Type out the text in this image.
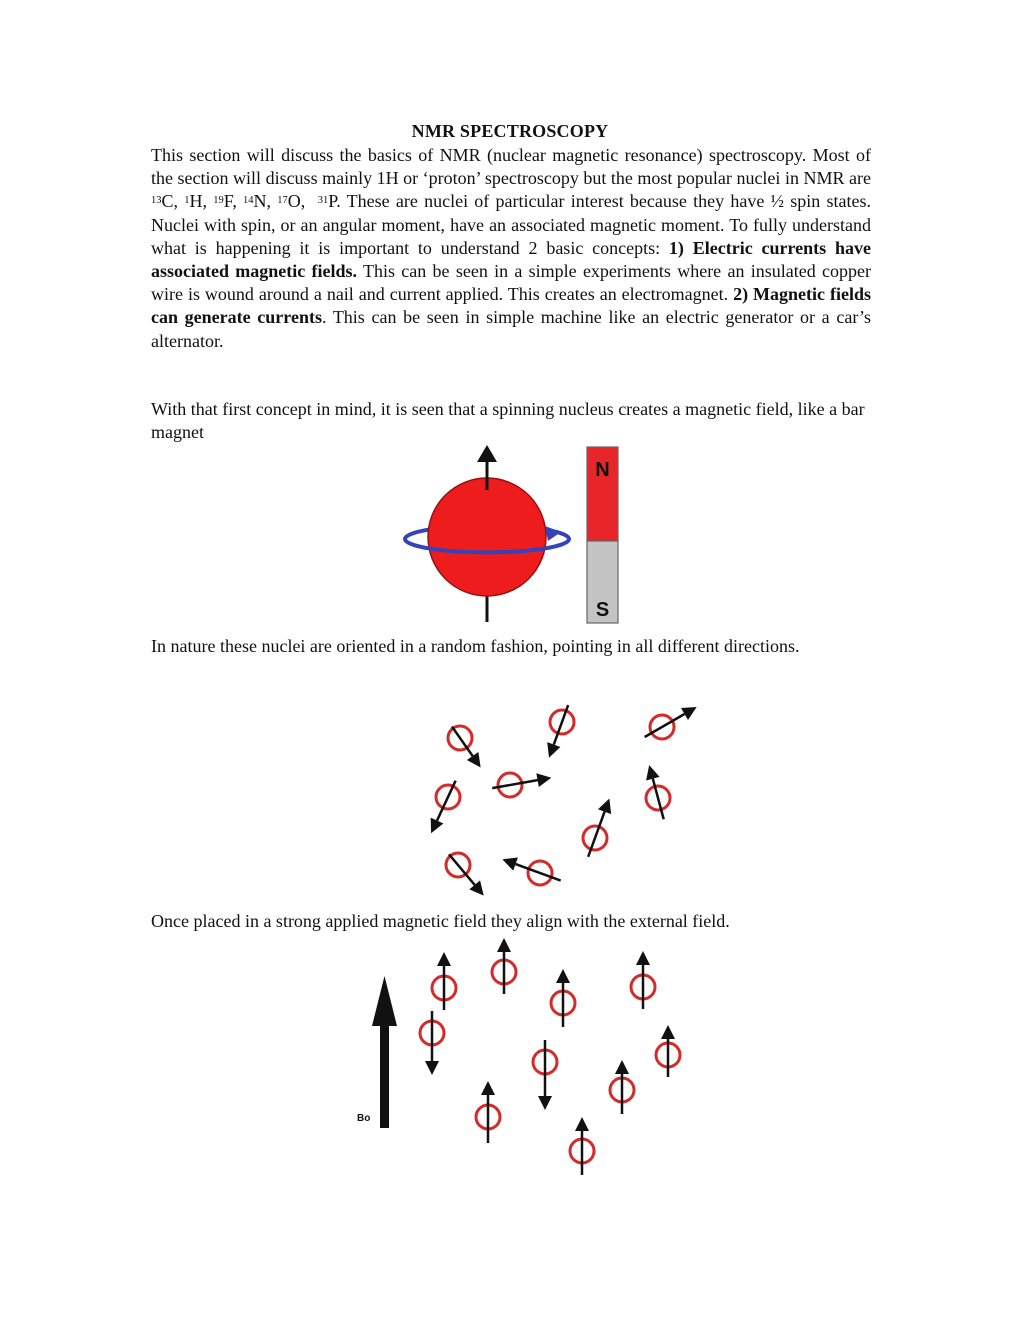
NMR SPECTROSCOPY
This section will discuss the basics of NMR (nuclear magnetic resonance) spectroscopy. Most of the section will discuss mainly 1H or ‘proton’ spectroscopy but the most popular nuclei in NMR are $^{13}$C, $^1$H, $^{19}$F, $^{14}$N, $^{17}$O,  $^{31}$P. These are nuclei of particular interest because they have ½ spin states. Nuclei with spin, or an angular moment, have an associated magnetic moment. To fully understand what is happening it is important to understand 2 basic concepts: 1) Electric currents have associated magnetic fields. This can be seen in a simple experiments where an insulated copper wire is wound around a nail and current applied. This creates an electromagnet. 2) Magnetic fields can generate currents. This can be seen in simple machine like an electric generator or a car’s alternator.
With that first concept in mind, it is seen that a spinning nucleus creates a magnetic field, like a bar magnet
N
S
In nature these nuclei are oriented in a random fashion, pointing in all different directions.
Once placed in a strong applied magnetic field they align with the external field.
Bo
